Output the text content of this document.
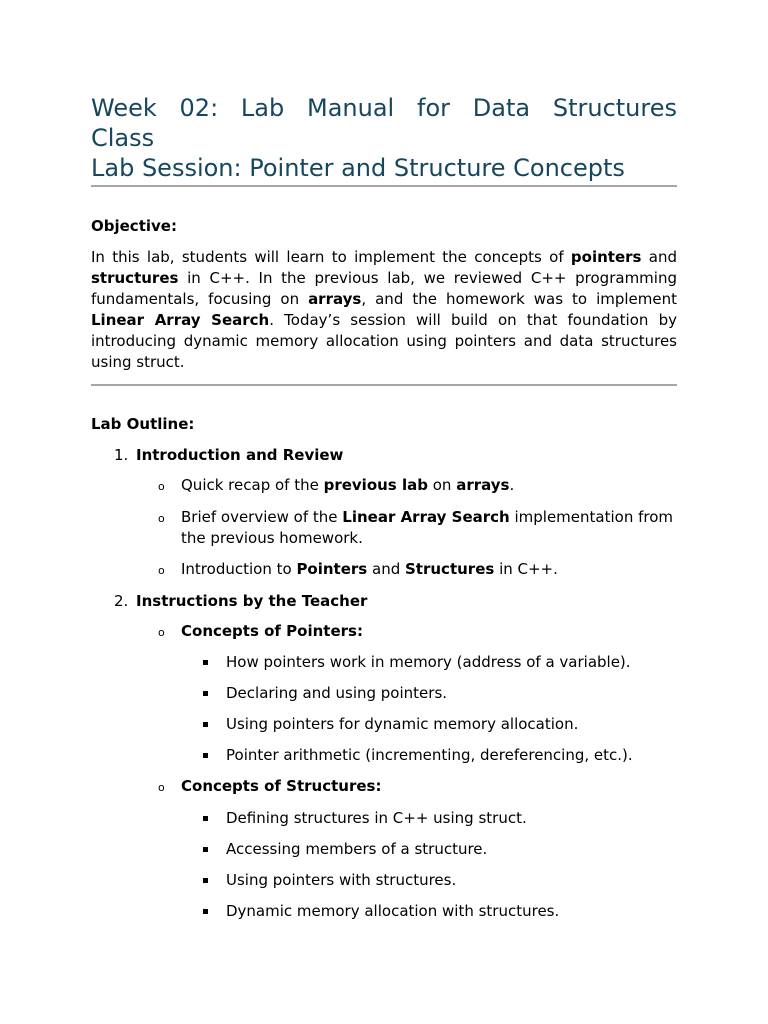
Week 02: Lab Manual for Data Structures
Class
Lab Session: Pointer and Structure Concepts
Objective:

In this lab, students will learn to implement the concepts of pointers and structures in C++. In the previous lab, we reviewed C++ programming fundamentals, focusing on arrays, and the homework was to implement Linear Array Search. Today’s session will build on that foundation by introducing dynamic memory allocation using pointers and data structures using struct.

Lab Outline:
1. Introduction and Review
o Quick recap of the previous lab on arrays.
o Brief overview of the Linear Array Search implementation from the previous homework.
o Introduction to Pointers and Structures in C++.
2. Instructions by the Teacher
o Concepts of Pointers:
How pointers work in memory (address of a variable).
Declaring and using pointers.
Using pointers for dynamic memory allocation.
Pointer arithmetic (incrementing, dereferencing, etc.).
o Concepts of Structures:
Defining structures in C++ using struct.
Accessing members of a structure.
Using pointers with structures.
Dynamic memory allocation with structures.
